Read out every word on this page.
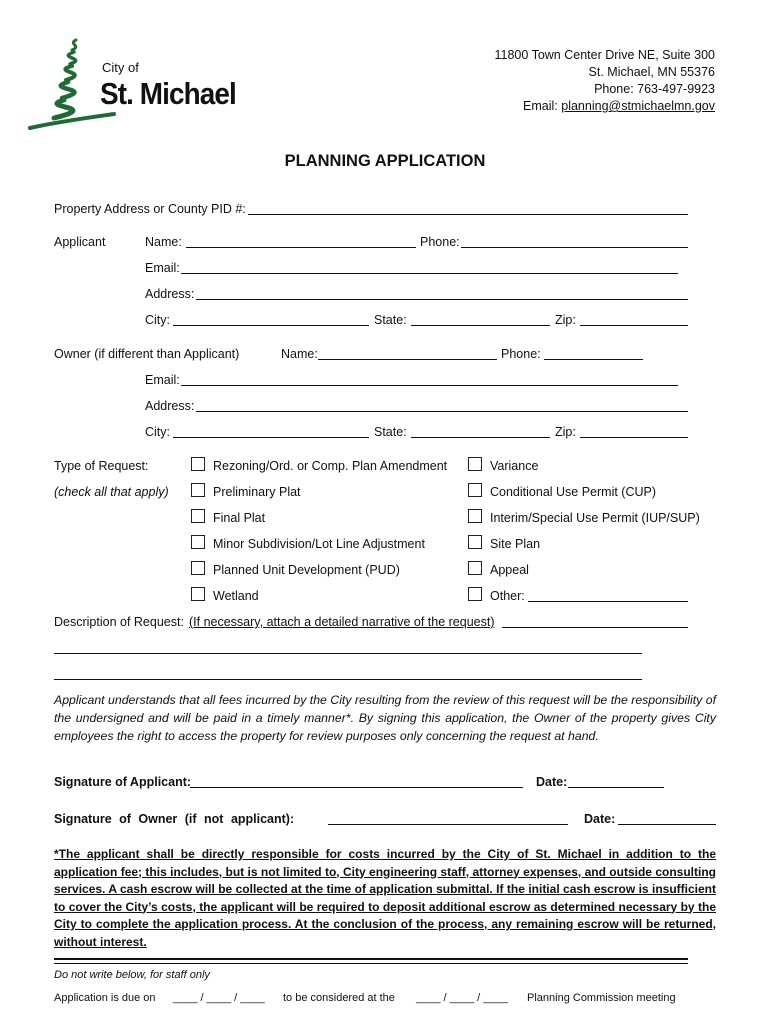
City of
St. Michael
11800 Town Center Drive NE, Suite 300
St. Michael, MN 55376
Phone: 763-497-9923
Email: planning@stmichaelmn.gov
PLANNING APPLICATION
Property Address or County PID #:
Applicant	Name:	Phone:
Email:
Address:
City:	State:	Zip:
Owner (if different than Applicant)	Name:	Phone:
Email:
Address:
City:	State:	Zip:
Type of Request:
(check all that apply)
Rezoning/Ord. or Comp. Plan Amendment
Preliminary Plat
Final Plat
Minor Subdivision/Lot Line Adjustment
Planned Unit Development (PUD)
Wetland
Variance
Conditional Use Permit (CUP)
Interim/Special Use Permit (IUP/SUP)
Site Plan
Appeal
Other:
Description of Request: (If necessary, attach a detailed narrative of the request)
Applicant understands that all fees incurred by the City resulting from the review of this request will be the responsibility of the undersigned and will be paid in a timely manner*. By signing this application, the Owner of the property gives City employees the right to access the property for review purposes only concerning the request at hand.
Signature of Applicant:	Date:
Signature of Owner (if not applicant):	Date:
*The applicant shall be directly responsible for costs incurred by the City of St. Michael in addition to the application fee; this includes, but is not limited to, City engineering staff, attorney expenses, and outside consulting services. A cash escrow will be collected at the time of application submittal. If the initial cash escrow is insufficient to cover the City’s costs, the applicant will be required to deposit additional escrow as determined necessary by the City to complete the application process. At the conclusion of the process, any remaining escrow will be returned, without interest.
Do not write below, for staff only
Application is due on ____ / ____ / ____ to be considered at the ____ / ____ / ____ Planning Commission meeting
